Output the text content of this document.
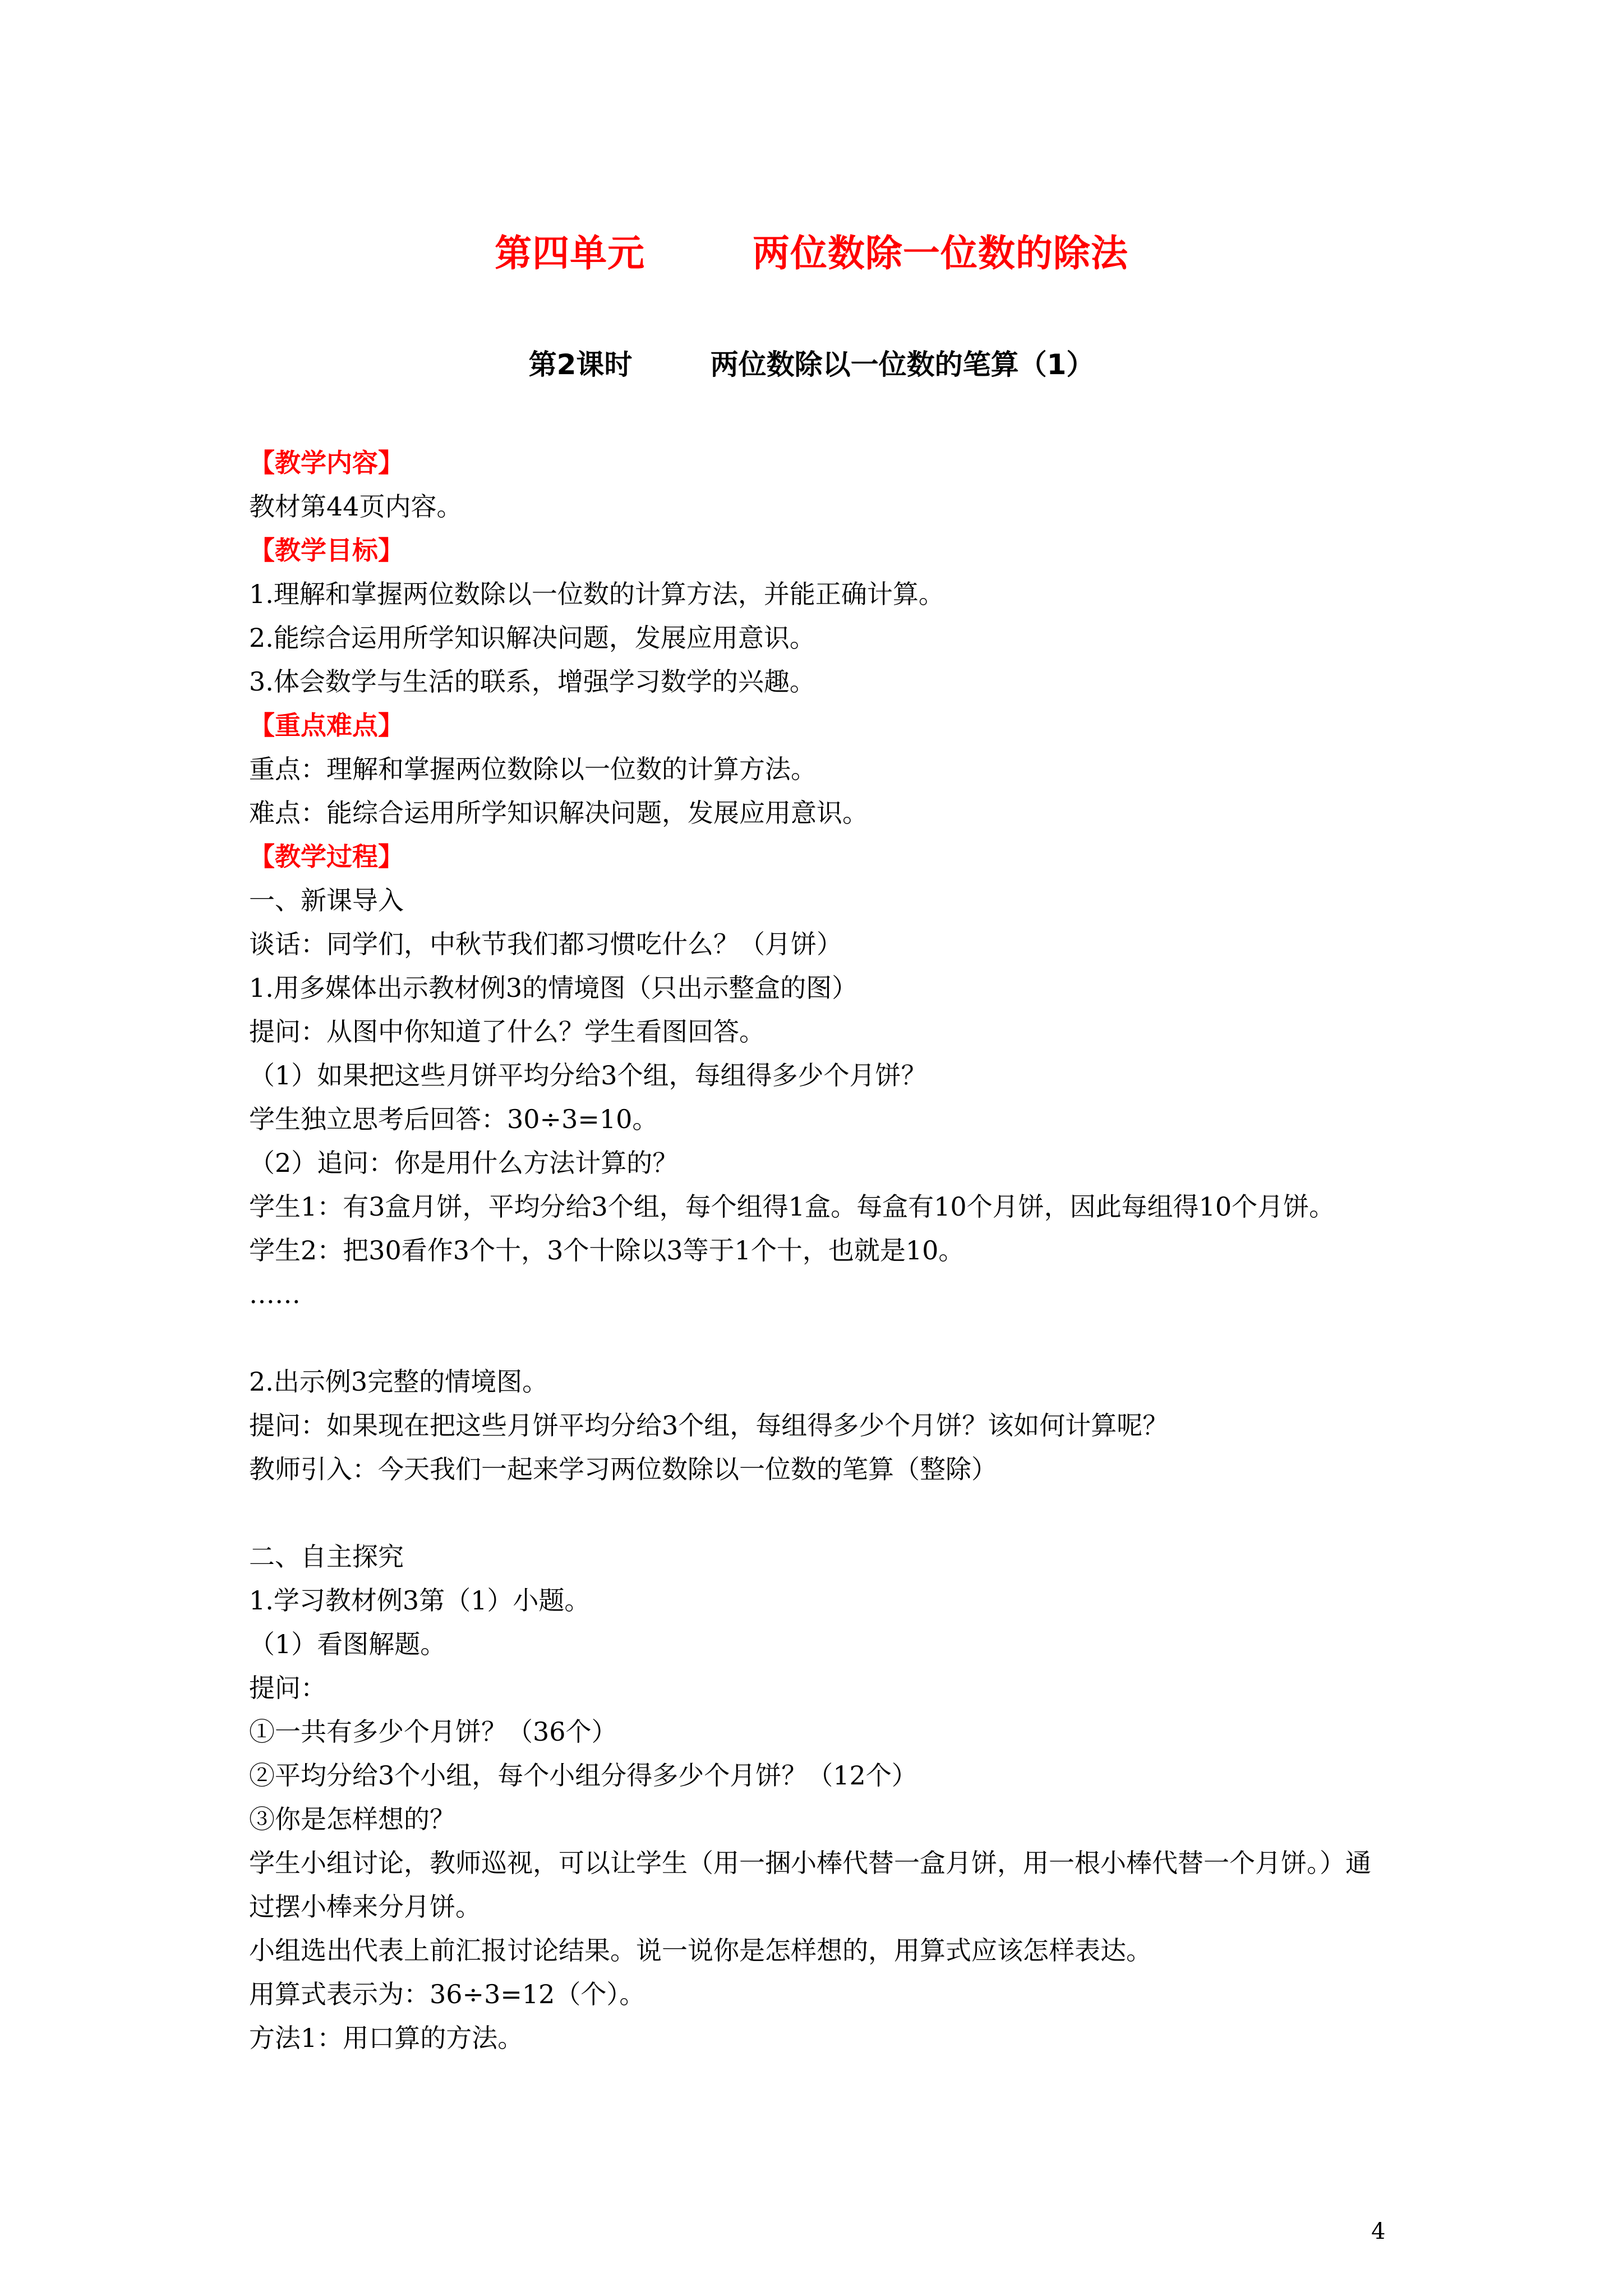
第四单元        两位数除一位数的除法
第2课时        两位数除以一位数的笔算（1）
【教学内容】
教材第44页内容。
【教学目标】
1.理解和掌握两位数除以一位数的计算方法，并能正确计算。
2.能综合运用所学知识解决问题，发展应用意识。
3.体会数学与生活的联系，增强学习数学的兴趣。
【重点难点】
重点：理解和掌握两位数除以一位数的计算方法。
难点：能综合运用所学知识解决问题，发展应用意识。
【教学过程】
一、新课导入
谈话：同学们，中秋节我们都习惯吃什么？（月饼）
1.用多媒体出示教材例3的情境图（只出示整盒的图）
提问：从图中你知道了什么？学生看图回答。
（1）如果把这些月饼平均分给3个组，每组得多少个月饼？
学生独立思考后回答：30÷3=10。
（2）追问：你是用什么方法计算的？
学生1：有3盒月饼，平均分给3个组，每个组得1盒。每盒有10个月饼，因此每组得10个月饼。
学生2：把30看作3个十，3个十除以3等于1个十，也就是10。
……
2.出示例3完整的情境图。
提问：如果现在把这些月饼平均分给3个组，每组得多少个月饼？该如何计算呢？
教师引入：今天我们一起来学习两位数除以一位数的笔算（整除）
二、自主探究
1.学习教材例3第（1）小题。
（1）看图解题。
提问：
①一共有多少个月饼？（36个）
②平均分给3个小组，每个小组分得多少个月饼？（12个）
③你是怎样想的？
学生小组讨论，教师巡视，可以让学生（用一捆小棒代替一盒月饼，用一根小棒代替一个月饼。）通过摆小棒来分月饼。
小组选出代表上前汇报讨论结果。说一说你是怎样想的，用算式应该怎样表达。
用算式表示为：36÷3=12（个）。
方法1：用口算的方法。
4
